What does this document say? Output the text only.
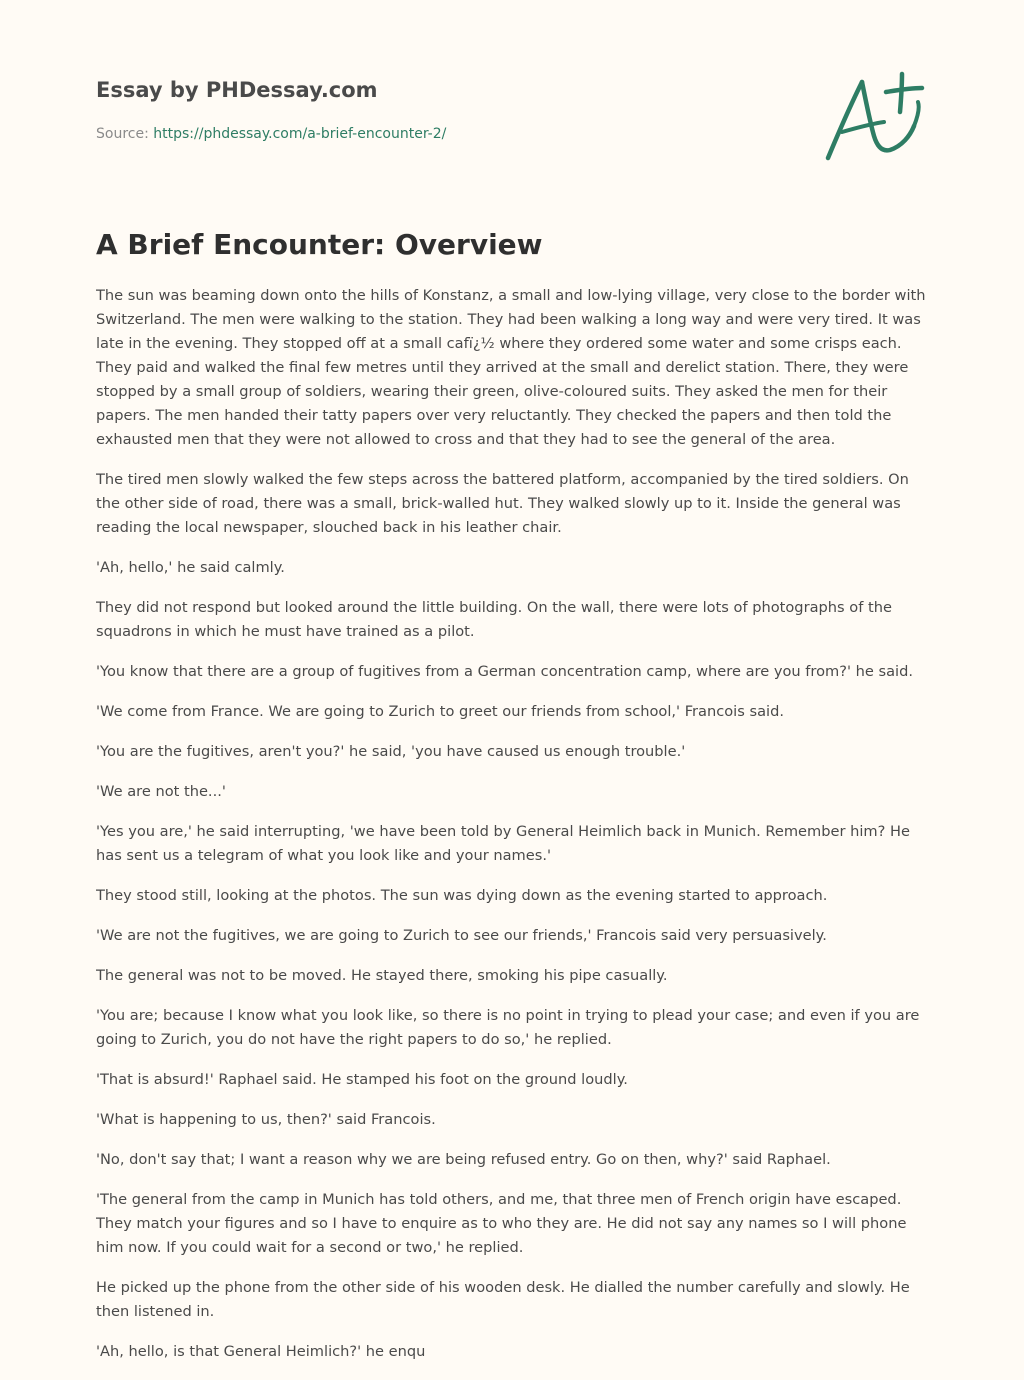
Essay by PHDessay.com
Source: https://phdessay.com/a-brief-encounter-2/
A Brief Encounter: Overview

The sun was beaming down onto the hills of Konstanz, a small and low-lying village, very close to the border with Switzerland. The men were walking to the station. They had been walking a long way and were very tired. It was late in the evening. They stopped off at a small cafï¿½ where they ordered some water and some crisps each. They paid and walked the final few metres until they arrived at the small and derelict station. There, they were stopped by a small group of soldiers, wearing their green, olive-coloured suits. They asked the men for their papers. The men handed their tatty papers over very reluctantly. They checked the papers and then told the exhausted men that they were not allowed to cross and that they had to see the general of the area.

The tired men slowly walked the few steps across the battered platform, accompanied by the tired soldiers. On the other side of road, there was a small, brick-walled hut. They walked slowly up to it. Inside the general was reading the local newspaper, slouched back in his leather chair.

'Ah, hello,' he said calmly.

They did not respond but looked around the little building. On the wall, there were lots of photographs of the squadrons in which he must have trained as a pilot.

'You know that there are a group of fugitives from a German concentration camp, where are you from?' he said.

'We come from France. We are going to Zurich to greet our friends from school,' Francois said.

'You are the fugitives, aren't you?' he said, 'you have caused us enough trouble.'

'We are not the...'

'Yes you are,' he said interrupting, 'we have been told by General Heimlich back in Munich. Remember him? He has sent us a telegram of what you look like and your names.'

They stood still, looking at the photos. The sun was dying down as the evening started to approach.

'We are not the fugitives, we are going to Zurich to see our friends,' Francois said very persuasively.

The general was not to be moved. He stayed there, smoking his pipe casually.

'You are; because I know what you look like, so there is no point in trying to plead your case; and even if you are going to Zurich, you do not have the right papers to do so,' he replied.

'That is absurd!' Raphael said. He stamped his foot on the ground loudly.

'What is happening to us, then?' said Francois.

'No, don't say that; I want a reason why we are being refused entry. Go on then, why?' said Raphael.

'The general from the camp in Munich has told others, and me, that three men of French origin have escaped. They match your figures and so I have to enquire as to who they are. He did not say any names so I will phone him now. If you could wait for a second or two,' he replied.

He picked up the phone from the other side of his wooden desk. He dialled the number carefully and slowly. He then listened in.

'Ah, hello, is that General Heimlich?' he enqu
